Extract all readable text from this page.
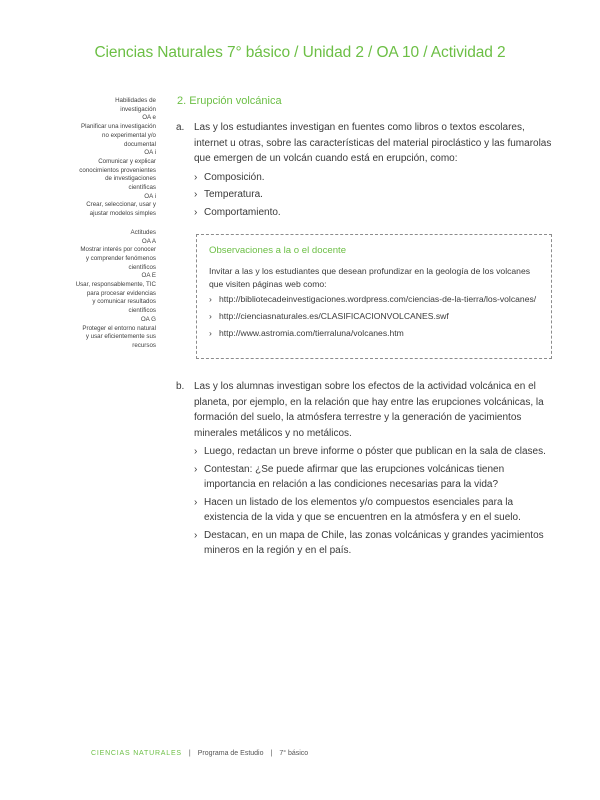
Ciencias Naturales 7° básico / Unidad 2 / OA 10 / Actividad 2
Habilidades de
investigación
OA e
Planificar una investigación
no experimental y/o
documental
OA i
Comunicar y explicar
conocimientos provenientes
de investigaciones
científicas
OA i
Crear, seleccionar, usar y
ajustar modelos simples
Actitudes
OA A
Mostrar interés por conocer
y comprender fenómenos
científicos
OA E
Usar, responsablemente, TIC
para procesar evidencias
y comunicar resultados
científicos
OA G
Proteger el entorno natural
y usar eficientemente sus
recursos
2. Erupción volcánica
a. Las y los estudiantes investigan en fuentes como libros o textos escolares, internet u otras, sobre las características del material piroclástico y las fumarolas que emergen de un volcán cuando está en erupción, como:
› Composición.
› Temperatura.
› Comportamiento.
Observaciones a la o el docente
Invitar a las y los estudiantes que desean profundizar en la geología de los volcanes que visiten páginas web como:
› http://bibliotecadeinvestigaciones.wordpress.com/ciencias-de-la-tierra/los-volcanes/
› http://cienciasnaturales.es/CLASIFICACIONVOLCANES.swf
› http://www.astromia.com/tierraluna/volcanes.htm
b. Las y los alumnas investigan sobre los efectos de la actividad volcánica en el planeta, por ejemplo, en la relación que hay entre las erupciones volcánicas, la formación del suelo, la atmósfera terrestre y la generación de yacimientos minerales metálicos y no metálicos.
› Luego, redactan un breve informe o póster que publican en la sala de clases.
› Contestan: ¿Se puede afirmar que las erupciones volcánicas tienen importancia en relación a las condiciones necesarias para la vida?
› Hacen un listado de los elementos y/o compuestos esenciales para la existencia de la vida y que se encuentren en la atmósfera y en el suelo.
› Destacan, en un mapa de Chile, las zonas volcánicas y grandes yacimientos mineros en la región y en el país.
CIENCIAS NATURALES | Programa de Estudio | 7° básico
